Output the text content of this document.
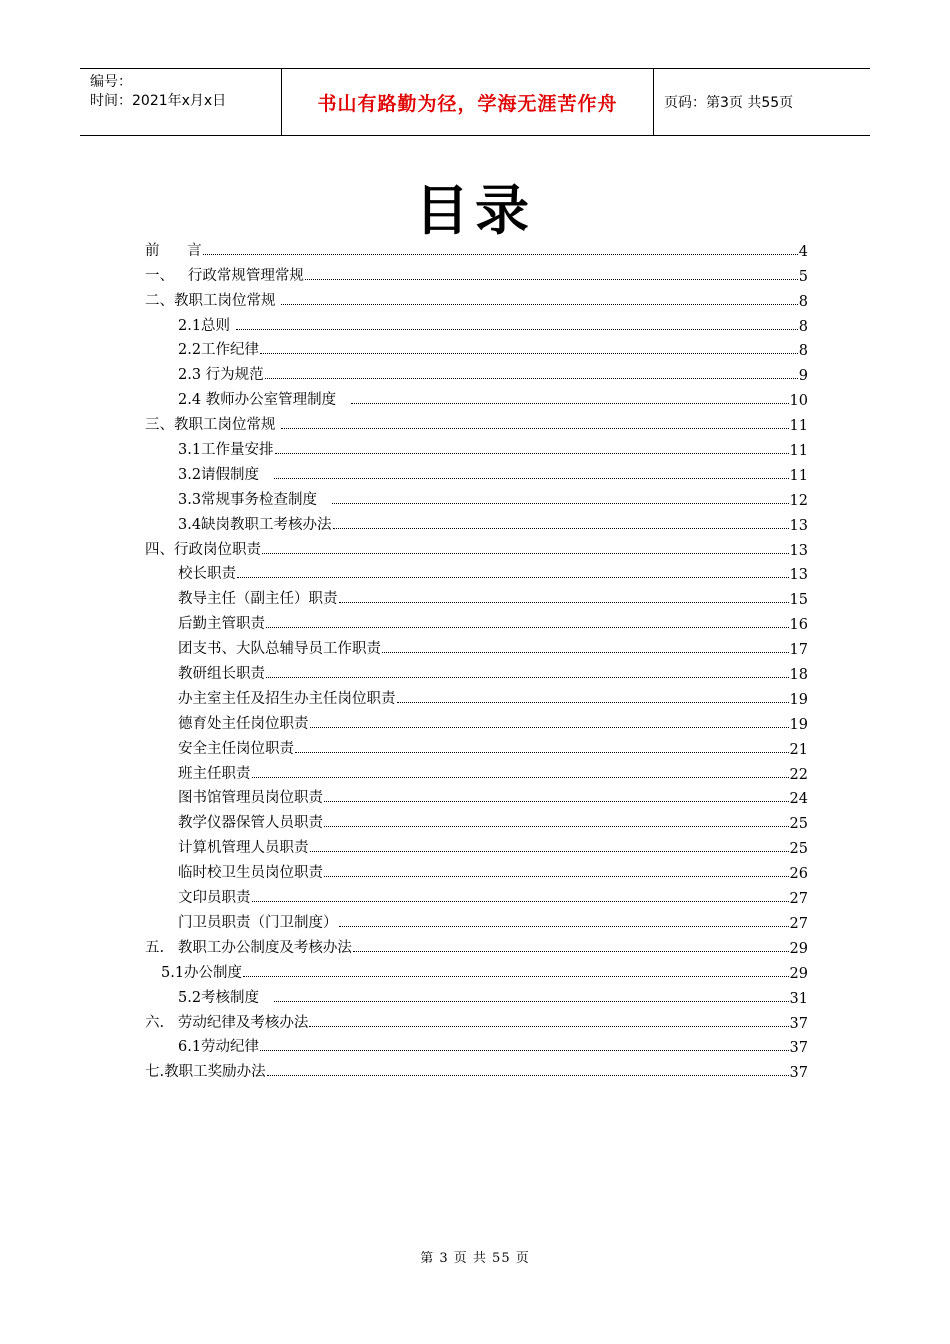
编号：
时间：2021年x月x日	书山有路勤为径，学海无涯苦作舟	页码：第3页 共55页
目录
前      言	4
一、   行政常规管理常规	5
二、教职工岗位常规	8
2.1总则	8
2.2工作纪律	8
2.3 行为规范	9
2.4 教师办公室管理制度	10
三、教职工岗位常规	11
3.1工作量安排	11
3.2请假制度	11
3.3常规事务检查制度	12
3.4缺岗教职工考核办法	13
四、行政岗位职责	13
校长职责	13
教导主任（副主任）职责	15
后勤主管职责	16
团支书、大队总辅导员工作职责	17
教研组长职责	18
办主室主任及招生办主任岗位职责	19
德育处主任岗位职责	19
安全主任岗位职责	21
班主任职责	22
图书馆管理员岗位职责	24
教学仪器保管人员职责	25
计算机管理人员职责	25
临时校卫生员岗位职责	26
文印员职责	27
门卫员职责（门卫制度）	27
五.   教职工办公制度及考核办法	29
5.1办公制度	29
5.2考核制度	31
六.   劳动纪律及考核办法	37
6.1劳动纪律	37
七.教职工奖励办法	37
第 3 页 共 55 页
